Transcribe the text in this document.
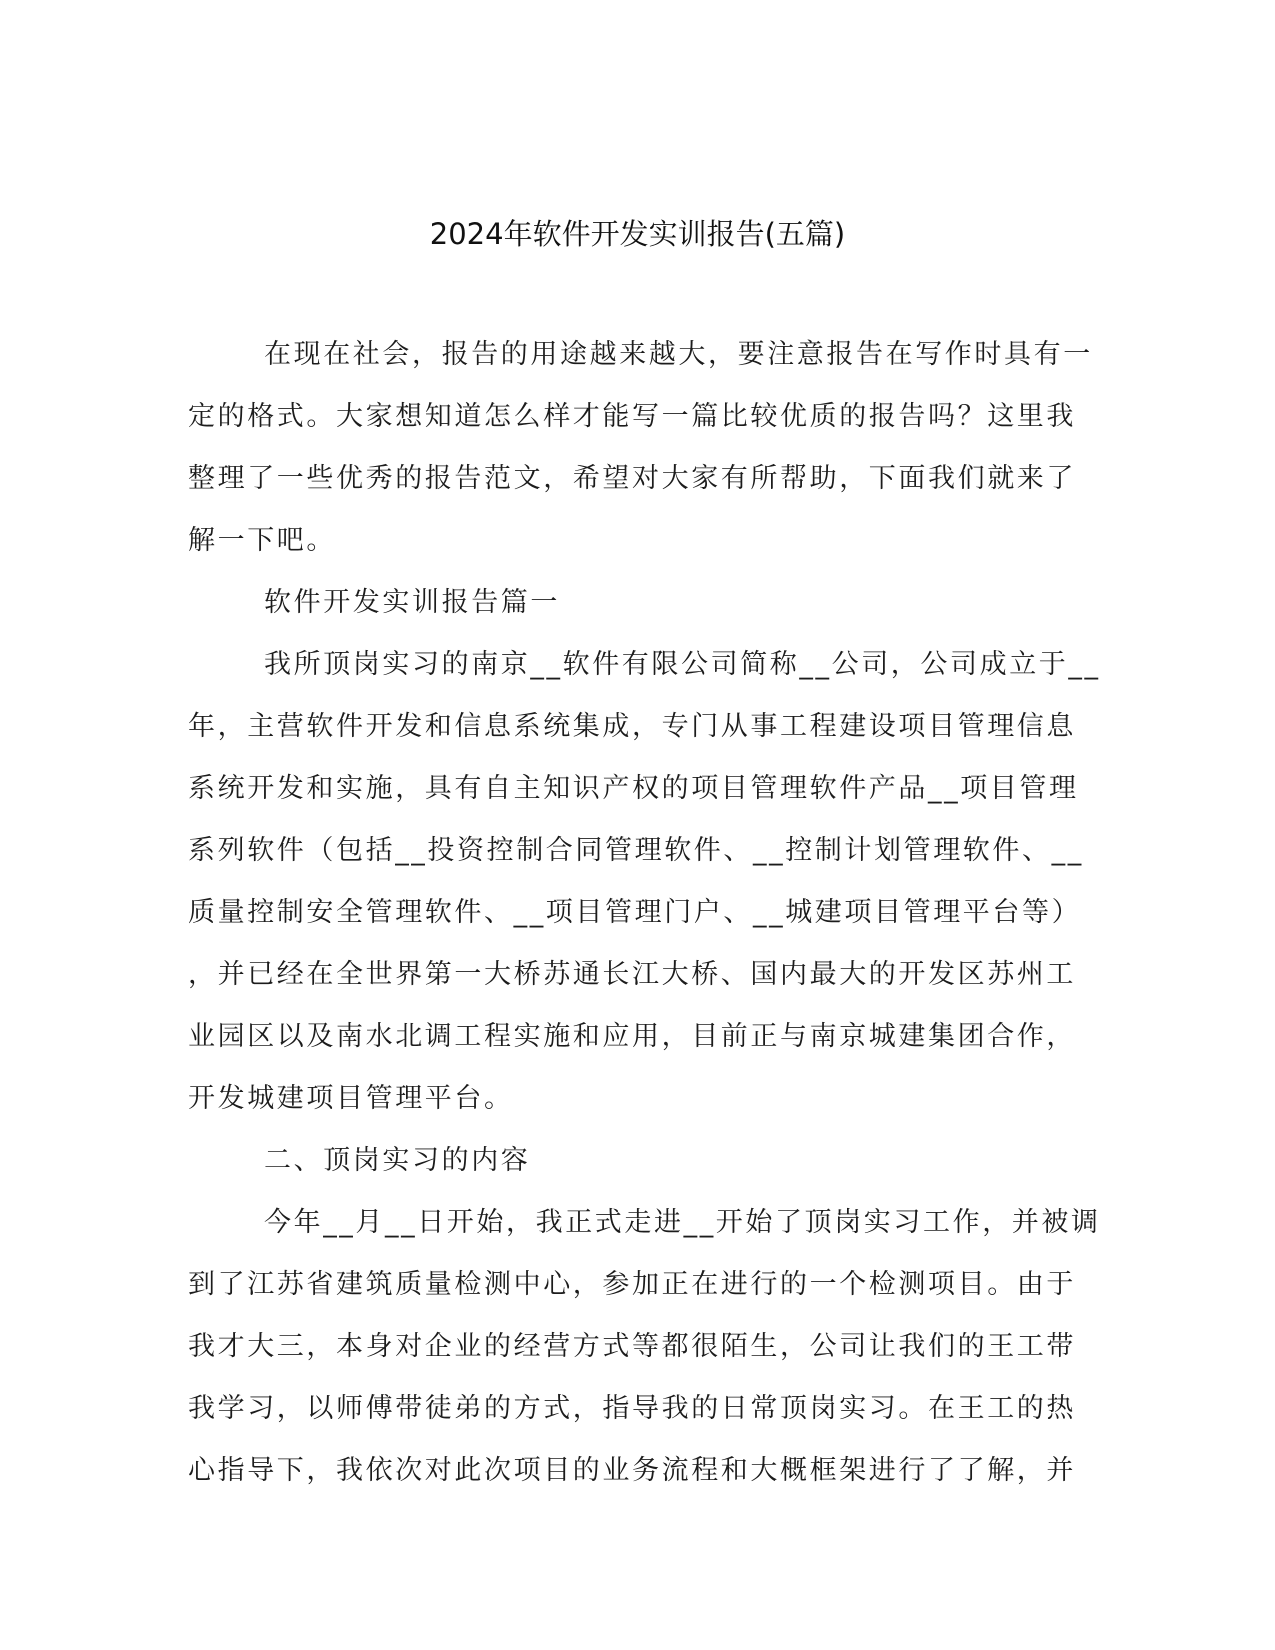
2024年软件开发实训报告(五篇)
在现在社会，报告的用途越来越大，要注意报告在写作时具有一
定的格式。大家想知道怎么样才能写一篇比较优质的报告吗？这里我
整理了一些优秀的报告范文，希望对大家有所帮助，下面我们就来了
解一下吧。
软件开发实训报告篇一
我所顶岗实习的南京__软件有限公司简称__公司，公司成立于__
年，主营软件开发和信息系统集成，专门从事工程建设项目管理信息
系统开发和实施，具有自主知识产权的项目管理软件产品__项目管理
系列软件（包括__投资控制合同管理软件、__控制计划管理软件、__
质量控制安全管理软件、__项目管理门户、__城建项目管理平台等）
，并已经在全世界第一大桥苏通长江大桥、国内最大的开发区苏州工
业园区以及南水北调工程实施和应用，目前正与南京城建集团合作，
开发城建项目管理平台。
二、顶岗实习的内容
今年__月__日开始，我正式走进__开始了顶岗实习工作，并被调
到了江苏省建筑质量检测中心，参加正在进行的一个检测项目。由于
我才大三，本身对企业的经营方式等都很陌生，公司让我们的王工带
我学习，以师傅带徒弟的方式，指导我的日常顶岗实习。在王工的热
心指导下，我依次对此次项目的业务流程和大概框架进行了了解，并
